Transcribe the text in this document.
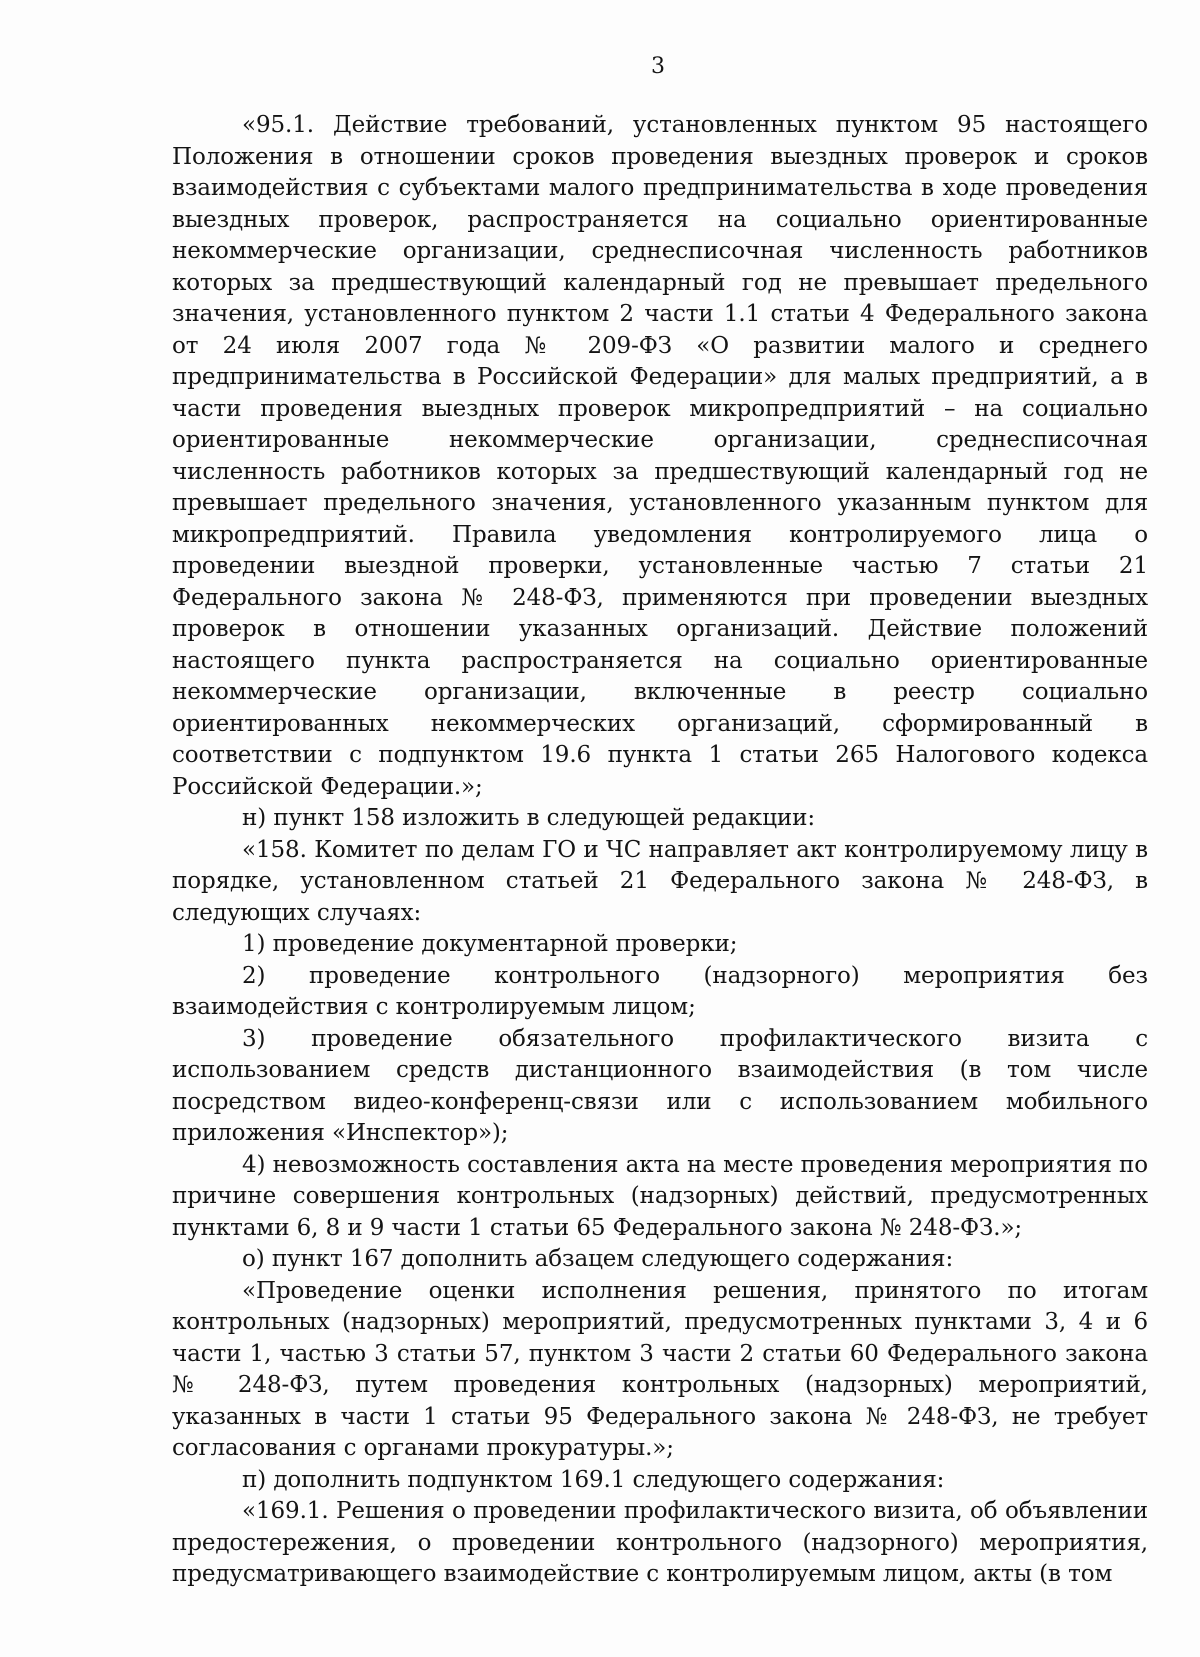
3

«95.1. Действие требований, установленных пунктом 95 настоящего Положения в отношении сроков проведения выездных проверок и сроков взаимодействия с субъектами малого предпринимательства в ходе проведения выездных проверок, распространяется на социально ориентированные некоммерческие организации, среднесписочная численность работников которых за предшествующий календарный год не превышает предельного значения, установленного пунктом 2 части 1.1 статьи 4 Федерального закона от 24 июля 2007 года № 209-ФЗ «О развитии малого и среднего предпринимательства в Российской Федерации» для малых предприятий, а в части проведения выездных проверок микропредприятий – на социально ориентированные некоммерческие организации, среднесписочная численность работников которых за предшествующий календарный год не превышает предельного значения, установленного указанным пунктом для микропредприятий. Правила уведомления контролируемого лица о проведении выездной проверки, установленные частью 7 статьи 21 Федерального закона № 248-ФЗ, применяются при проведении выездных проверок в отношении указанных организаций. Действие положений настоящего пункта распространяется на социально ориентированные некоммерческие организации, включенные в реестр социально ориентированных некоммерческих организаций, сформированный в соответствии с подпунктом 19.6 пункта 1 статьи 265 Налогового кодекса Российской Федерации.»;

н) пункт 158 изложить в следующей редакции:

«158. Комитет по делам ГО и ЧС направляет акт контролируемому лицу в порядке, установленном статьей 21 Федерального закона № 248-ФЗ, в следующих случаях:

1) проведение документарной проверки;

2) проведение контрольного (надзорного) мероприятия без взаимодействия с контролируемым лицом;

3) проведение обязательного профилактического визита с использованием средств дистанционного взаимодействия (в том числе посредством видео-конференц-связи или с использованием мобильного приложения «Инспектор»);

4) невозможность составления акта на месте проведения мероприятия по причине совершения контрольных (надзорных) действий, предусмотренных пунктами 6, 8 и 9 части 1 статьи 65 Федерального закона № 248-ФЗ.»;

о) пункт 167 дополнить абзацем следующего содержания:

«Проведение оценки исполнения решения, принятого по итогам контрольных (надзорных) мероприятий, предусмотренных пунктами 3, 4 и 6 части 1, частью 3 статьи 57, пунктом 3 части 2 статьи 60 Федерального закона № 248-ФЗ, путем проведения контрольных (надзорных) мероприятий, указанных в части 1 статьи 95 Федерального закона № 248-ФЗ, не требует согласования с органами прокуратуры.»;

п) дополнить подпунктом 169.1 следующего содержания:

«169.1. Решения о проведении профилактического визита, об объявлении предостережения, о проведении контрольного (надзорного) мероприятия, предусматривающего взаимодействие с контролируемым лицом, акты (в том
